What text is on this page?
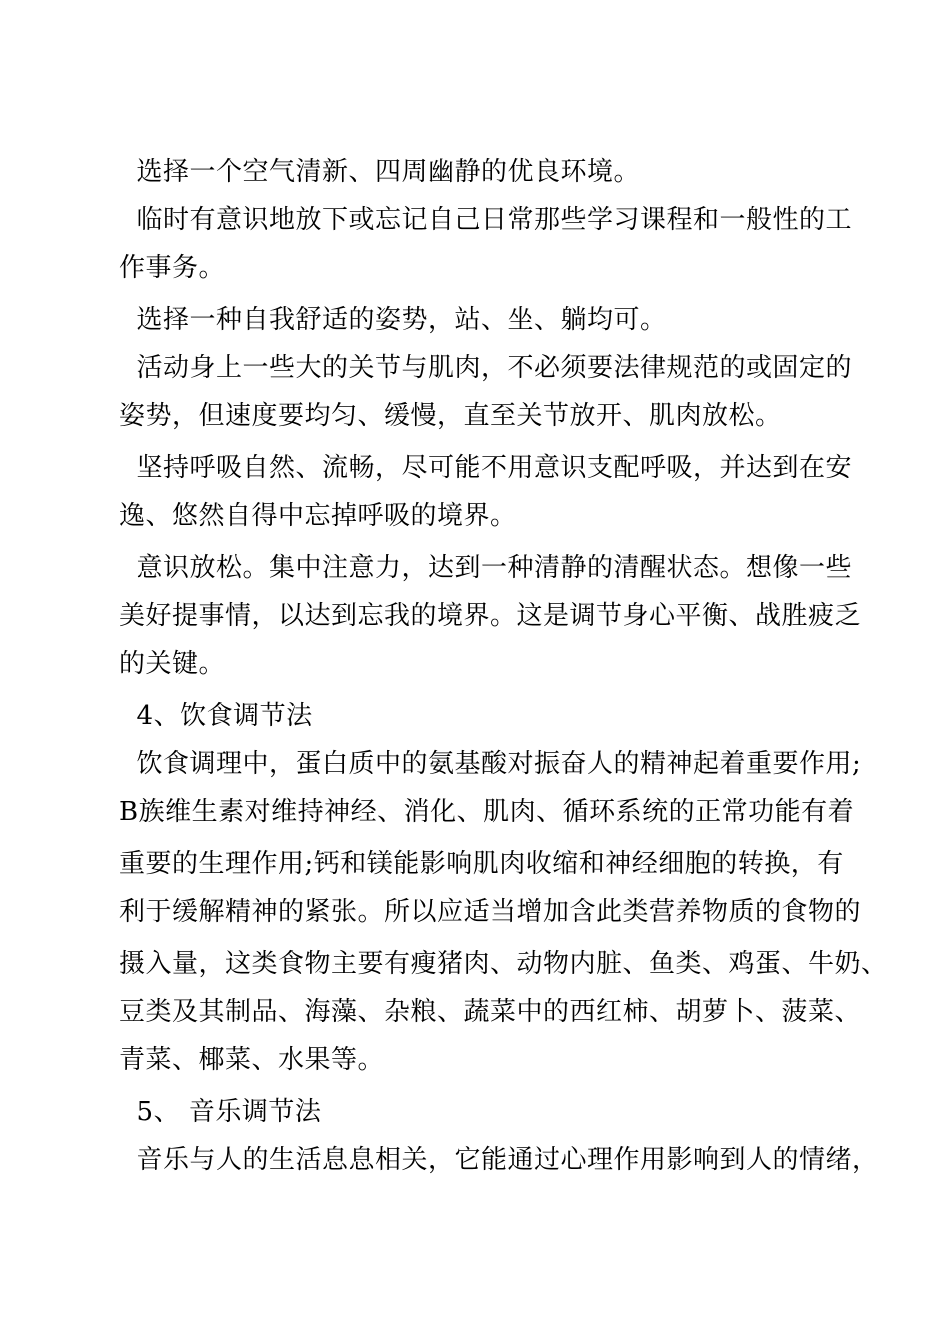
选择一个空气清新、四周幽静的优良环境。
临时有意识地放下或忘记自己日常那些学习课程和一般性的工
作事务。
选择一种自我舒适的姿势，站、坐、躺均可。
活动身上一些大的关节与肌肉，不必须要法律规范的或固定的
姿势，但速度要均匀、缓慢，直至关节放开、肌肉放松。
坚持呼吸自然、流畅，尽可能不用意识支配呼吸，并达到在安
逸、悠然自得中忘掉呼吸的境界。
意识放松。集中注意力，达到一种清静的清醒状态。想像一些
美好提事情，以达到忘我的境界。这是调节身心平衡、战胜疲乏
的关键。
4、饮食调节法
饮食调理中，蛋白质中的氨基酸对振奋人的精神起着重要作用;
B族维生素对维持神经、消化、肌肉、循环系统的正常功能有着
重要的生理作用;钙和镁能影响肌肉收缩和神经细胞的转换，有
利于缓解精神的紧张。所以应适当增加含此类营养物质的食物的
摄入量，这类食物主要有瘦猪肉、动物内脏、鱼类、鸡蛋、牛奶、
豆类及其制品、海藻、杂粮、蔬菜中的西红柿、胡萝卜、菠菜、
青菜、椰菜、水果等。
5、 音乐调节法
音乐与人的生活息息相关，它能通过心理作用影响到人的情绪，
